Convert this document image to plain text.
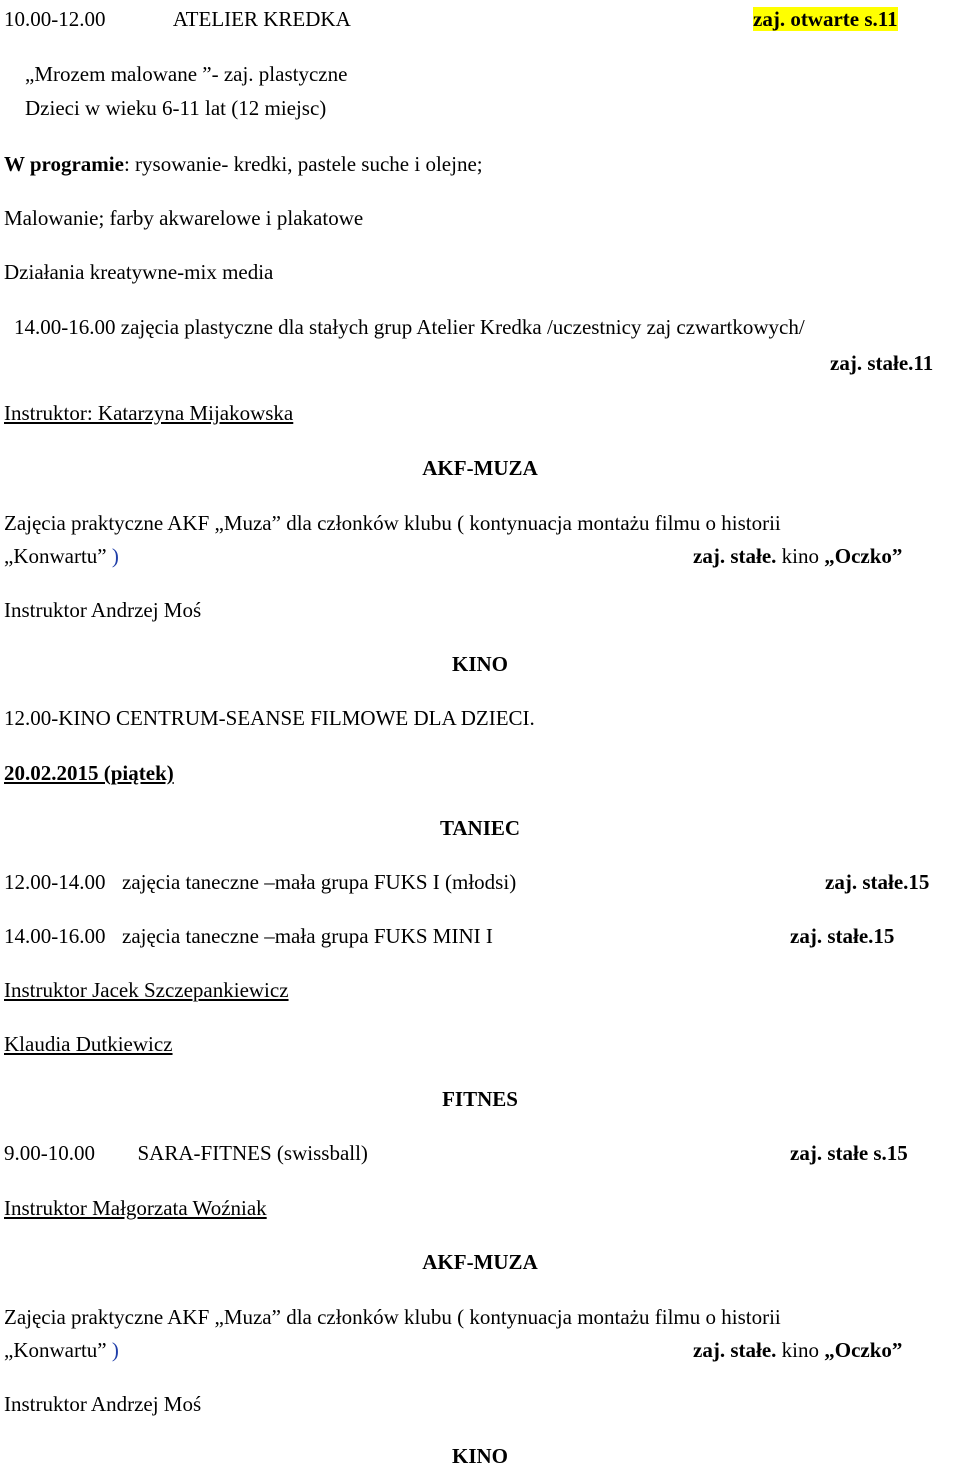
10.00-12.00	ATELIER KREDKA	zaj. otwarte s.11
„Mrozem malowane ”- zaj. plastyczne
Dzieci w wieku 6-11 lat (12 miejsc)
W programie: rysowanie- kredki, pastele suche i olejne;
Malowanie; farby akwarelowe i plakatowe
Działania kreatywne-mix media
14.00-16.00 zajęcia plastyczne dla stałych grup Atelier Kredka /uczestnicy zaj czwartkowych/
zaj. stałe.11
Instruktor: Katarzyna Mijakowska
AKF-MUZA
Zajęcia praktyczne AKF „Muza” dla członków klubu ( kontynuacja montażu filmu o historii
„Konwartu” )	zaj. stałe. kino „Oczko”
Instruktor Andrzej Moś
KINO
12.00-KINO CENTRUM-SEANSE FILMOWE DLA DZIECI.
20.02.2015 (piątek)
TANIEC
12.00-14.00 zajęcia taneczne –mała grupa FUKS I (młodsi)	zaj. stałe.15
14.00-16.00 zajęcia taneczne –mała grupa FUKS MINI I	zaj. stałe.15
Instruktor Jacek Szczepankiewicz
Klaudia Dutkiewicz
FITNES
9.00-10.00 SARA-FITNES (swissball)	zaj. stałe s.15
Instruktor Małgorzata Woźniak
AKF-MUZA
Zajęcia praktyczne AKF „Muza” dla członków klubu ( kontynuacja montażu filmu o historii
„Konwartu” )	zaj. stałe. kino „Oczko”
Instruktor Andrzej Moś
KINO
